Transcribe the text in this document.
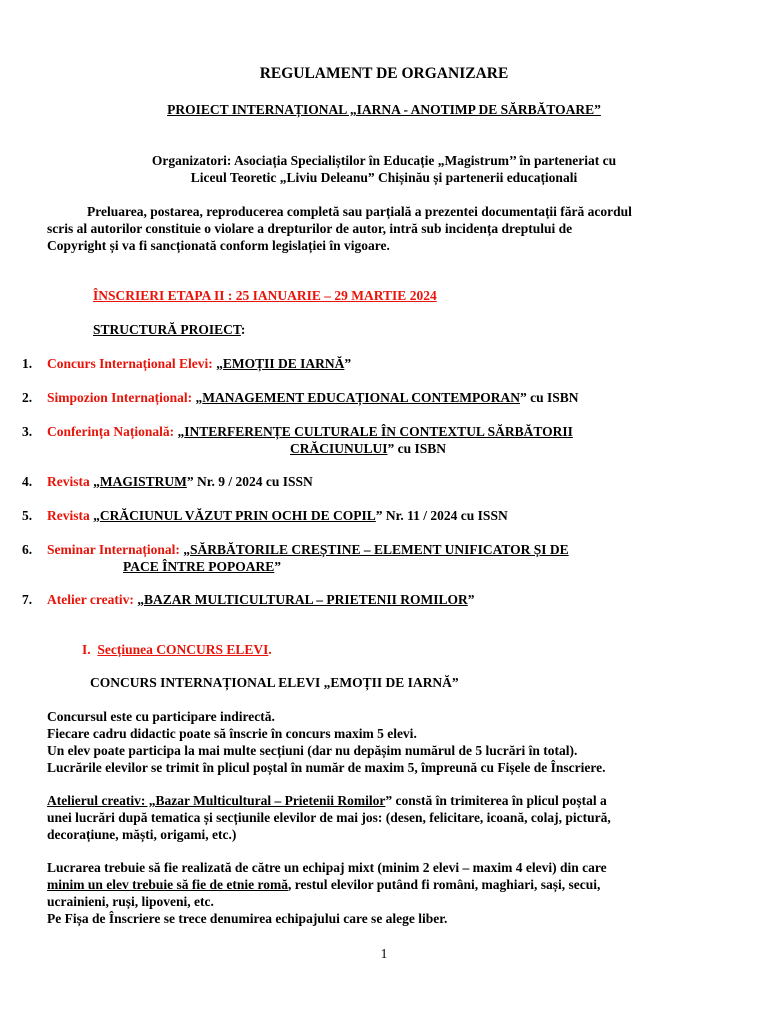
REGULAMENT DE ORGANIZARE
PROIECT INTERNAȚIONAL „IARNA - ANOTIMP DE SĂRBĂTOARE”
Organizatori: Asociația Specialiștilor în Educație „Magistrum’’ în parteneriat cu
Liceul Teoretic „Liviu Deleanu” Chișinău și partenerii educaționali
Preluarea, postarea, reproducerea completă sau parțială a prezentei documentații fără acordul
scris al autorilor constituie o violare a drepturilor de autor, intră sub incidența dreptului de
Copyright și va fi sancționată conform legislației în vigoare.
ÎNSCRIERI ETAPA II : 25 IANUARIE – 29 MARTIE 2024
STRUCTURĂ PROIECT:
1.	Concurs Internațional Elevi: „EMOȚII DE IARNĂ”
2. Simpozion Internațional: „MANAGEMENT EDUCAȚIONAL CONTEMPORAN” cu ISBN
3. Conferința Națională: „INTERFERENȚE CULTURALE ÎN CONTEXTUL SĂRBĂTORII
CRĂCIUNULUI” cu ISBN
4. Revista „MAGISTRUM” Nr. 9 / 2024 cu ISSN
5. Revista „CRĂCIUNUL VĂZUT PRIN OCHI DE COPIL” Nr. 11 / 2024 cu ISSN
6. Seminar Internațional: „SĂRBĂTORILE CREȘTINE – ELEMENT UNIFICATOR ȘI DE
PACE ÎNTRE POPOARE”
7. Atelier creativ: „BAZAR MULTICULTURAL – PRIETENII ROMILOR”
I. Secțiunea CONCURS ELEVI.
CONCURS INTERNAȚIONAL ELEVI „EMOȚII DE IARNĂ”
Concursul este cu participare indirectă.
Fiecare cadru didactic poate să înscrie în concurs maxim 5 elevi.
Un elev poate participa la mai multe secțiuni (dar nu depășim numărul de 5 lucrări în total).
Lucrările elevilor se trimit în plicul poștal în număr de maxim 5, împreună cu Fișele de Înscriere.
Atelierul creativ: „Bazar Multicultural – Prietenii Romilor” constă în trimiterea în plicul poștal a
unei lucrări după tematica și secțiunile elevilor de mai jos: (desen, felicitare, icoană, colaj, pictură,
decorațiune, măști, origami, etc.)
Lucrarea trebuie să fie realizată de către un echipaj mixt (minim 2 elevi – maxim 4 elevi) din care
minim un elev trebuie să fie de etnie romă, restul elevilor putând fi români, maghiari, sași, secui,
ucrainieni, ruși, lipoveni, etc.
Pe Fișa de Înscriere se trece denumirea echipajului care se alege liber.
1
